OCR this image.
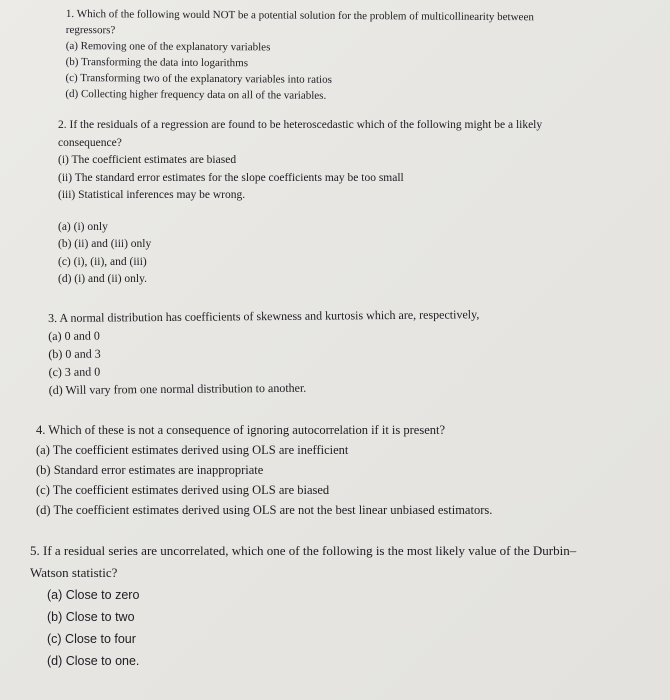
1. Which of the following would NOT be a potential solution for the problem of multicollinearity between

regressors?

(a) Removing one of the explanatory variables

(b) Transforming the data into logarithms

(c) Transforming two of the explanatory variables into ratios

(d) Collecting higher frequency data on all of the variables.

2. If the residuals of a regression are found to be heteroscedastic which of the following might be a likely

consequence?

(i) The coefficient estimates are biased

(ii) The standard error estimates for the slope coefficients may be too small

(iii) Statistical inferences may be wrong.

(a) (i) only

(b) (ii) and (iii) only

(c) (i), (ii), and (iii)

(d) (i) and (ii) only.

3. A normal distribution has coefficients of skewness and kurtosis which are, respectively,

(a) 0 and 0

(b) 0 and 3

(c) 3 and 0

(d) Will vary from one normal distribution to another.

4. Which of these is not a consequence of ignoring autocorrelation if it is present?

(a) The coefficient estimates derived using OLS are inefficient

(b) Standard error estimates are inappropriate

(c) The coefficient estimates derived using OLS are biased

(d) The coefficient estimates derived using OLS are not the best linear unbiased estimators.

5. If a residual series are uncorrelated, which one of the following is the most likely value of the Durbin–

Watson statistic?

(a) Close to zero

(b) Close to two

(c) Close to four

(d) Close to one.
